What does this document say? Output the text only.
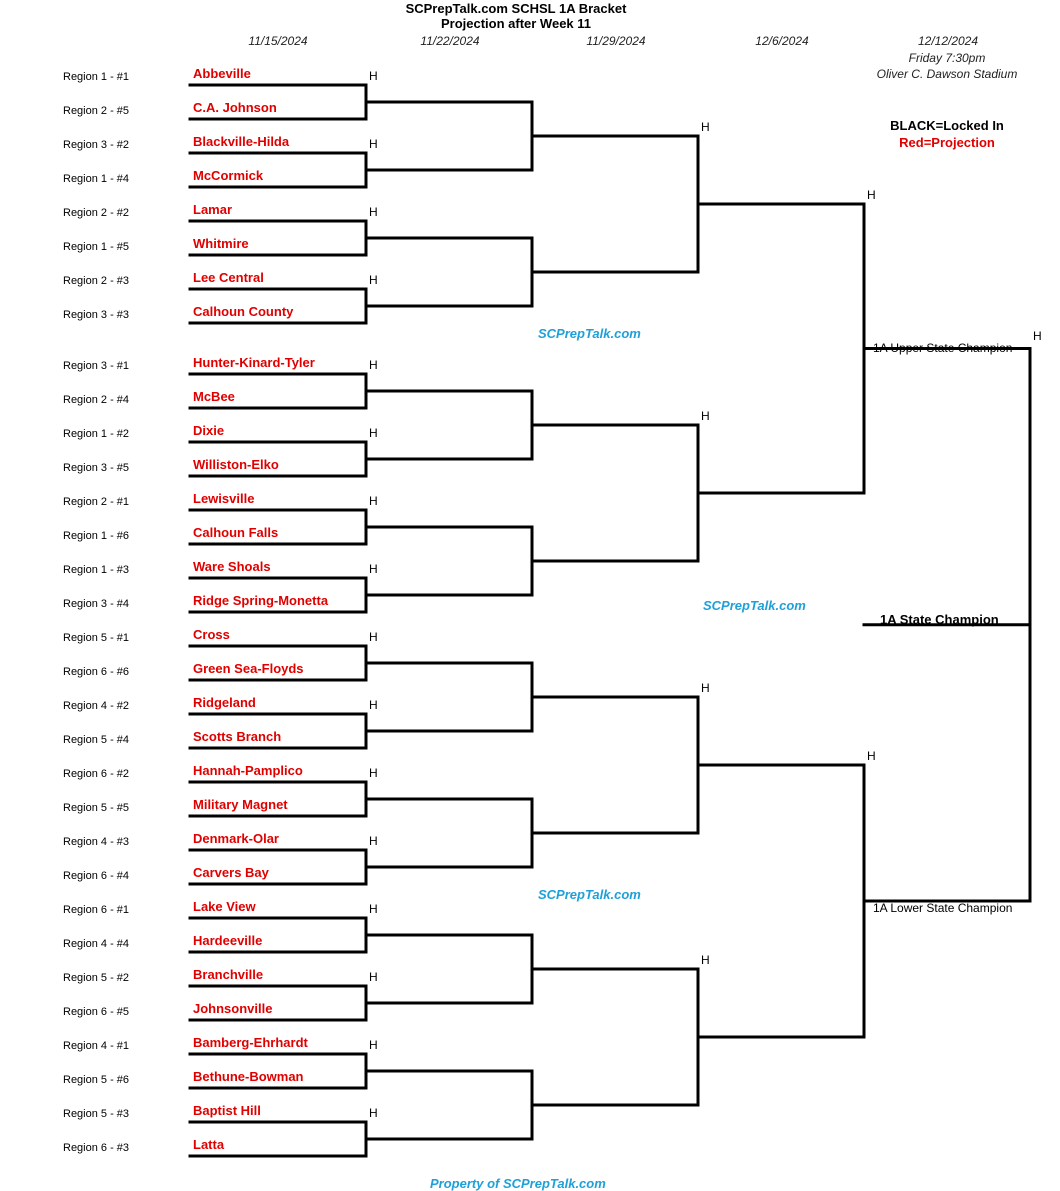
SCPrepTalk.com SCHSL 1A Bracket
Projection after Week 11
11/15/2024	11/22/2024	11/29/2024	12/6/2024	12/12/2024
Friday 7:30pm
Oliver C. Dawson Stadium
BLACK=Locked In
Red=Projection
Region 1 - #1	Abbeville
Region 2 - #5	C.A. Johnson
Region 3 - #2	Blackville-Hilda
Region 1 - #4	McCormick
Region 2 - #2	Lamar
Region 1 - #5	Whitmire
Region 2 - #3	Lee Central
Region 3 - #3	Calhoun County
Region 3 - #1	Hunter-Kinard-Tyler
Region 2 - #4	McBee
Region 1 - #2	Dixie
Region 3 - #5	Williston-Elko
Region 2 - #1	Lewisville
Region 1 - #6	Calhoun Falls
Region 1 - #3	Ware Shoals
Region 3 - #4	Ridge Spring-Monetta
Region 5 - #1	Cross
Region 6 - #6	Green Sea-Floyds
Region 4 - #2	Ridgeland
Region 5 - #4	Scotts Branch
Region 6 - #2	Hannah-Pamplico
Region 5 - #5	Military Magnet
Region 4 - #3	Denmark-Olar
Region 6 - #4	Carvers Bay
Region 6 - #1	Lake View
Region 4 - #4	Hardeeville
Region 5 - #2	Branchville
Region 6 - #5	Johnsonville
Region 4 - #1	Bamberg-Ehrhardt
Region 5 - #6	Bethune-Bowman
Region 5 - #3	Baptist Hill
Region 6 - #3	Latta
H
H
H
H
H
H
H
H
H
H
H
H
H
H
H
H
H
H
H
H
H
H
H
1A Upper State Champion
1A State Champion
1A Lower State Champion
SCPrepTalk.com
SCPrepTalk.com
SCPrepTalk.com
Property of SCPrepTalk.com
